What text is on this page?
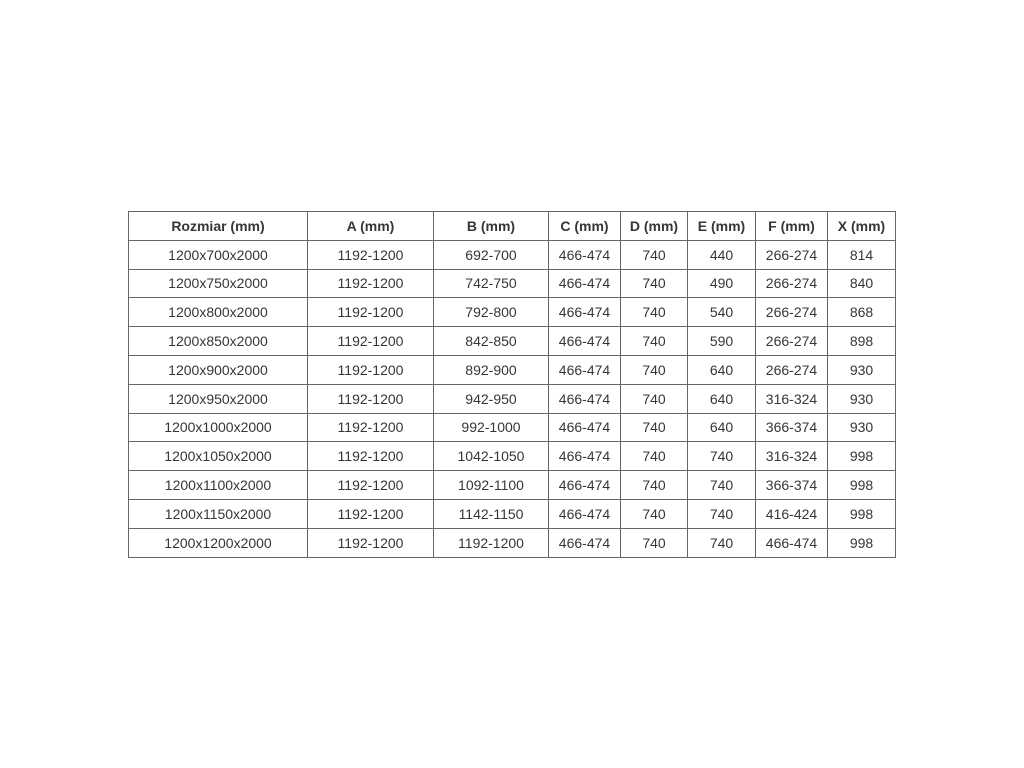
Rozmiar (mm)	A (mm)	B (mm)	C (mm)	D (mm)	E (mm)	F (mm)	X (mm)
1200x700x2000	1192-1200	692-700	466-474	740	440	266-274	814
1200x750x2000	1192-1200	742-750	466-474	740	490	266-274	840
1200x800x2000	1192-1200	792-800	466-474	740	540	266-274	868
1200x850x2000	1192-1200	842-850	466-474	740	590	266-274	898
1200x900x2000	1192-1200	892-900	466-474	740	640	266-274	930
1200x950x2000	1192-1200	942-950	466-474	740	640	316-324	930
1200x1000x2000	1192-1200	992-1000	466-474	740	640	366-374	930
1200x1050x2000	1192-1200	1042-1050	466-474	740	740	316-324	998
1200x1100x2000	1192-1200	1092-1100	466-474	740	740	366-374	998
1200x1150x2000	1192-1200	1142-1150	466-474	740	740	416-424	998
1200x1200x2000	1192-1200	1192-1200	466-474	740	740	466-474	998
